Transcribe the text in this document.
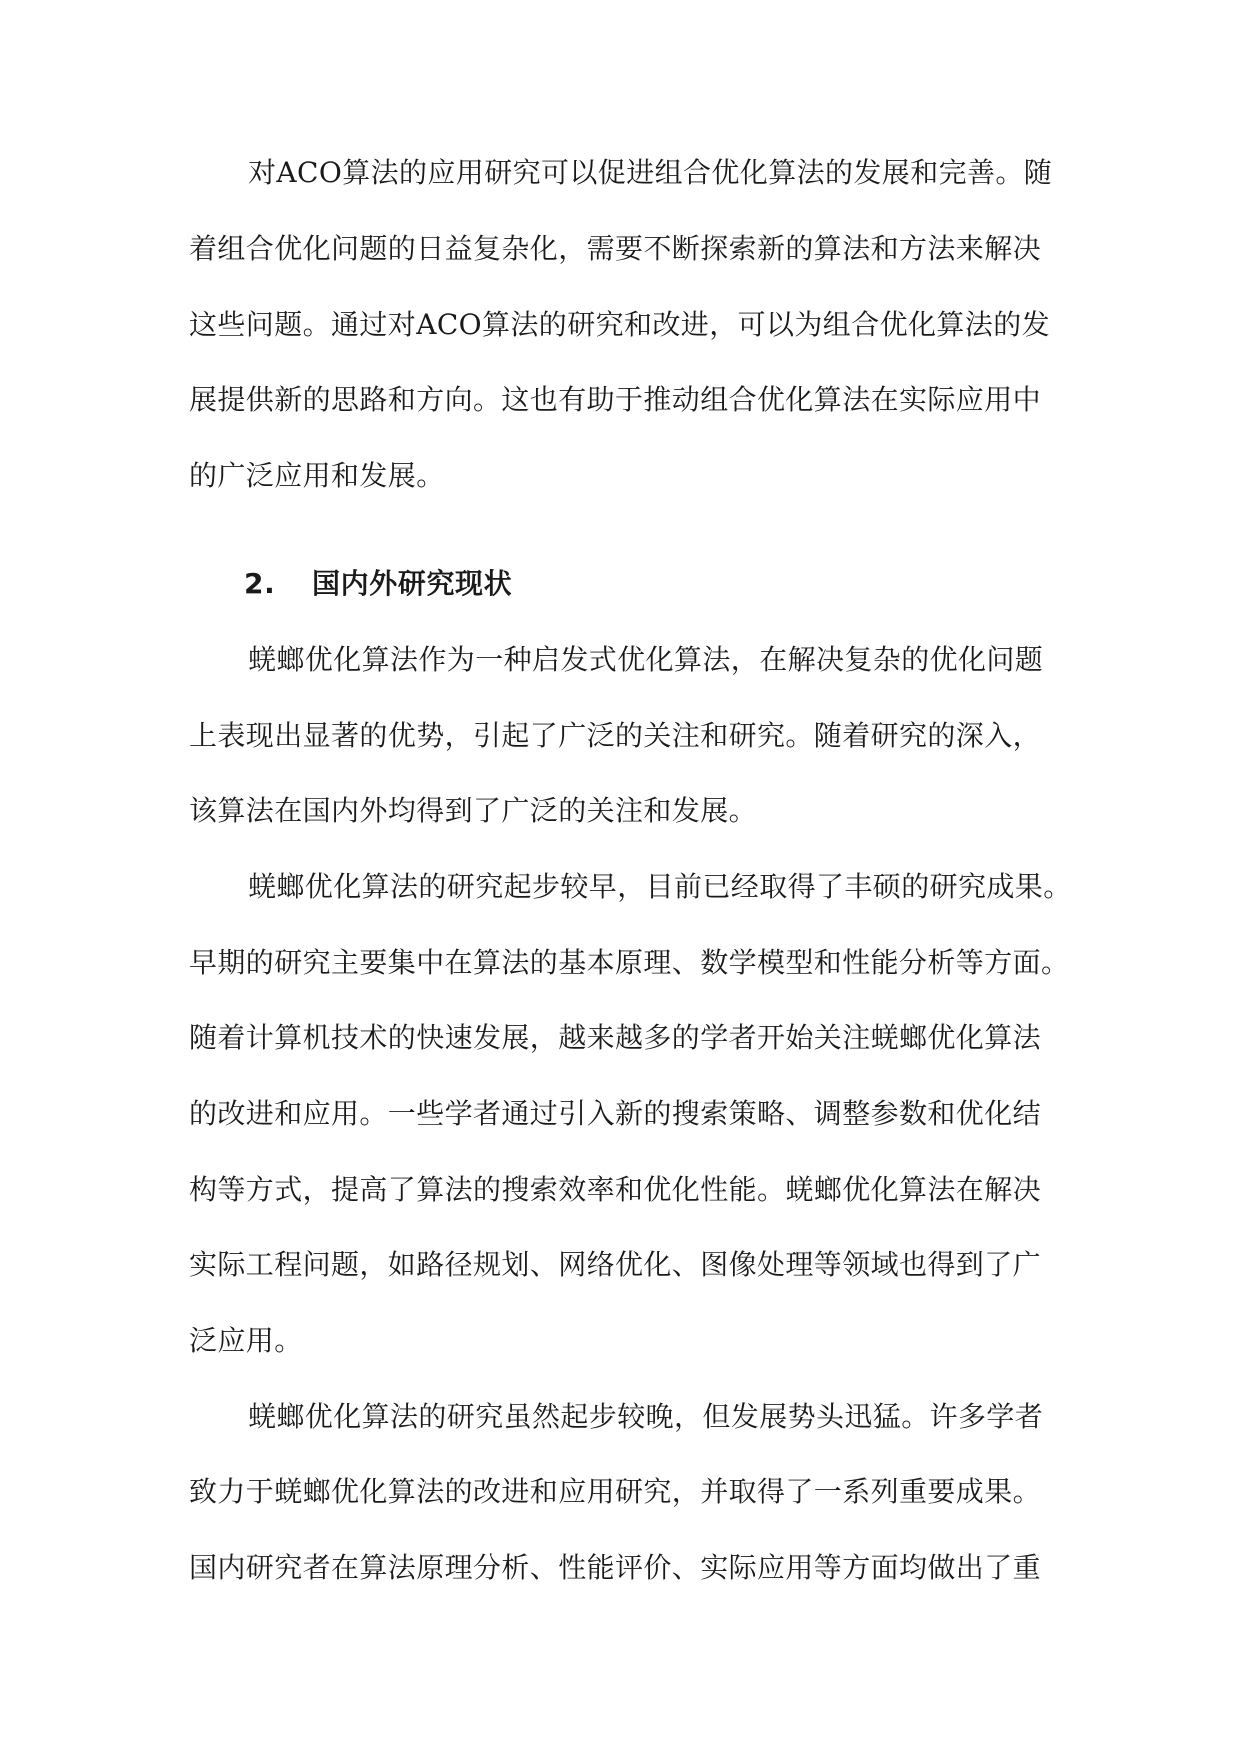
对ACO算法的应用研究可以促进组合优化算法的发展和完善。随
着组合优化问题的日益复杂化，需要不断探索新的算法和方法来解决
这些问题。通过对ACO算法的研究和改进，可以为组合优化算法的发
展提供新的思路和方向。这也有助于推动组合优化算法在实际应用中
的广泛应用和发展。
2. 国内外研究现状
蜣螂优化算法作为一种启发式优化算法，在解决复杂的优化问题
上表现出显著的优势，引起了广泛的关注和研究。随着研究的深入，
该算法在国内外均得到了广泛的关注和发展。
蜣螂优化算法的研究起步较早，目前已经取得了丰硕的研究成果。
早期的研究主要集中在算法的基本原理、数学模型和性能分析等方面。
随着计算机技术的快速发展，越来越多的学者开始关注蜣螂优化算法
的改进和应用。一些学者通过引入新的搜索策略、调整参数和优化结
构等方式，提高了算法的搜索效率和优化性能。蜣螂优化算法在解决
实际工程问题，如路径规划、网络优化、图像处理等领域也得到了广
泛应用。
蜣螂优化算法的研究虽然起步较晚，但发展势头迅猛。许多学者
致力于蜣螂优化算法的改进和应用研究，并取得了一系列重要成果。
国内研究者在算法原理分析、性能评价、实际应用等方面均做出了重
